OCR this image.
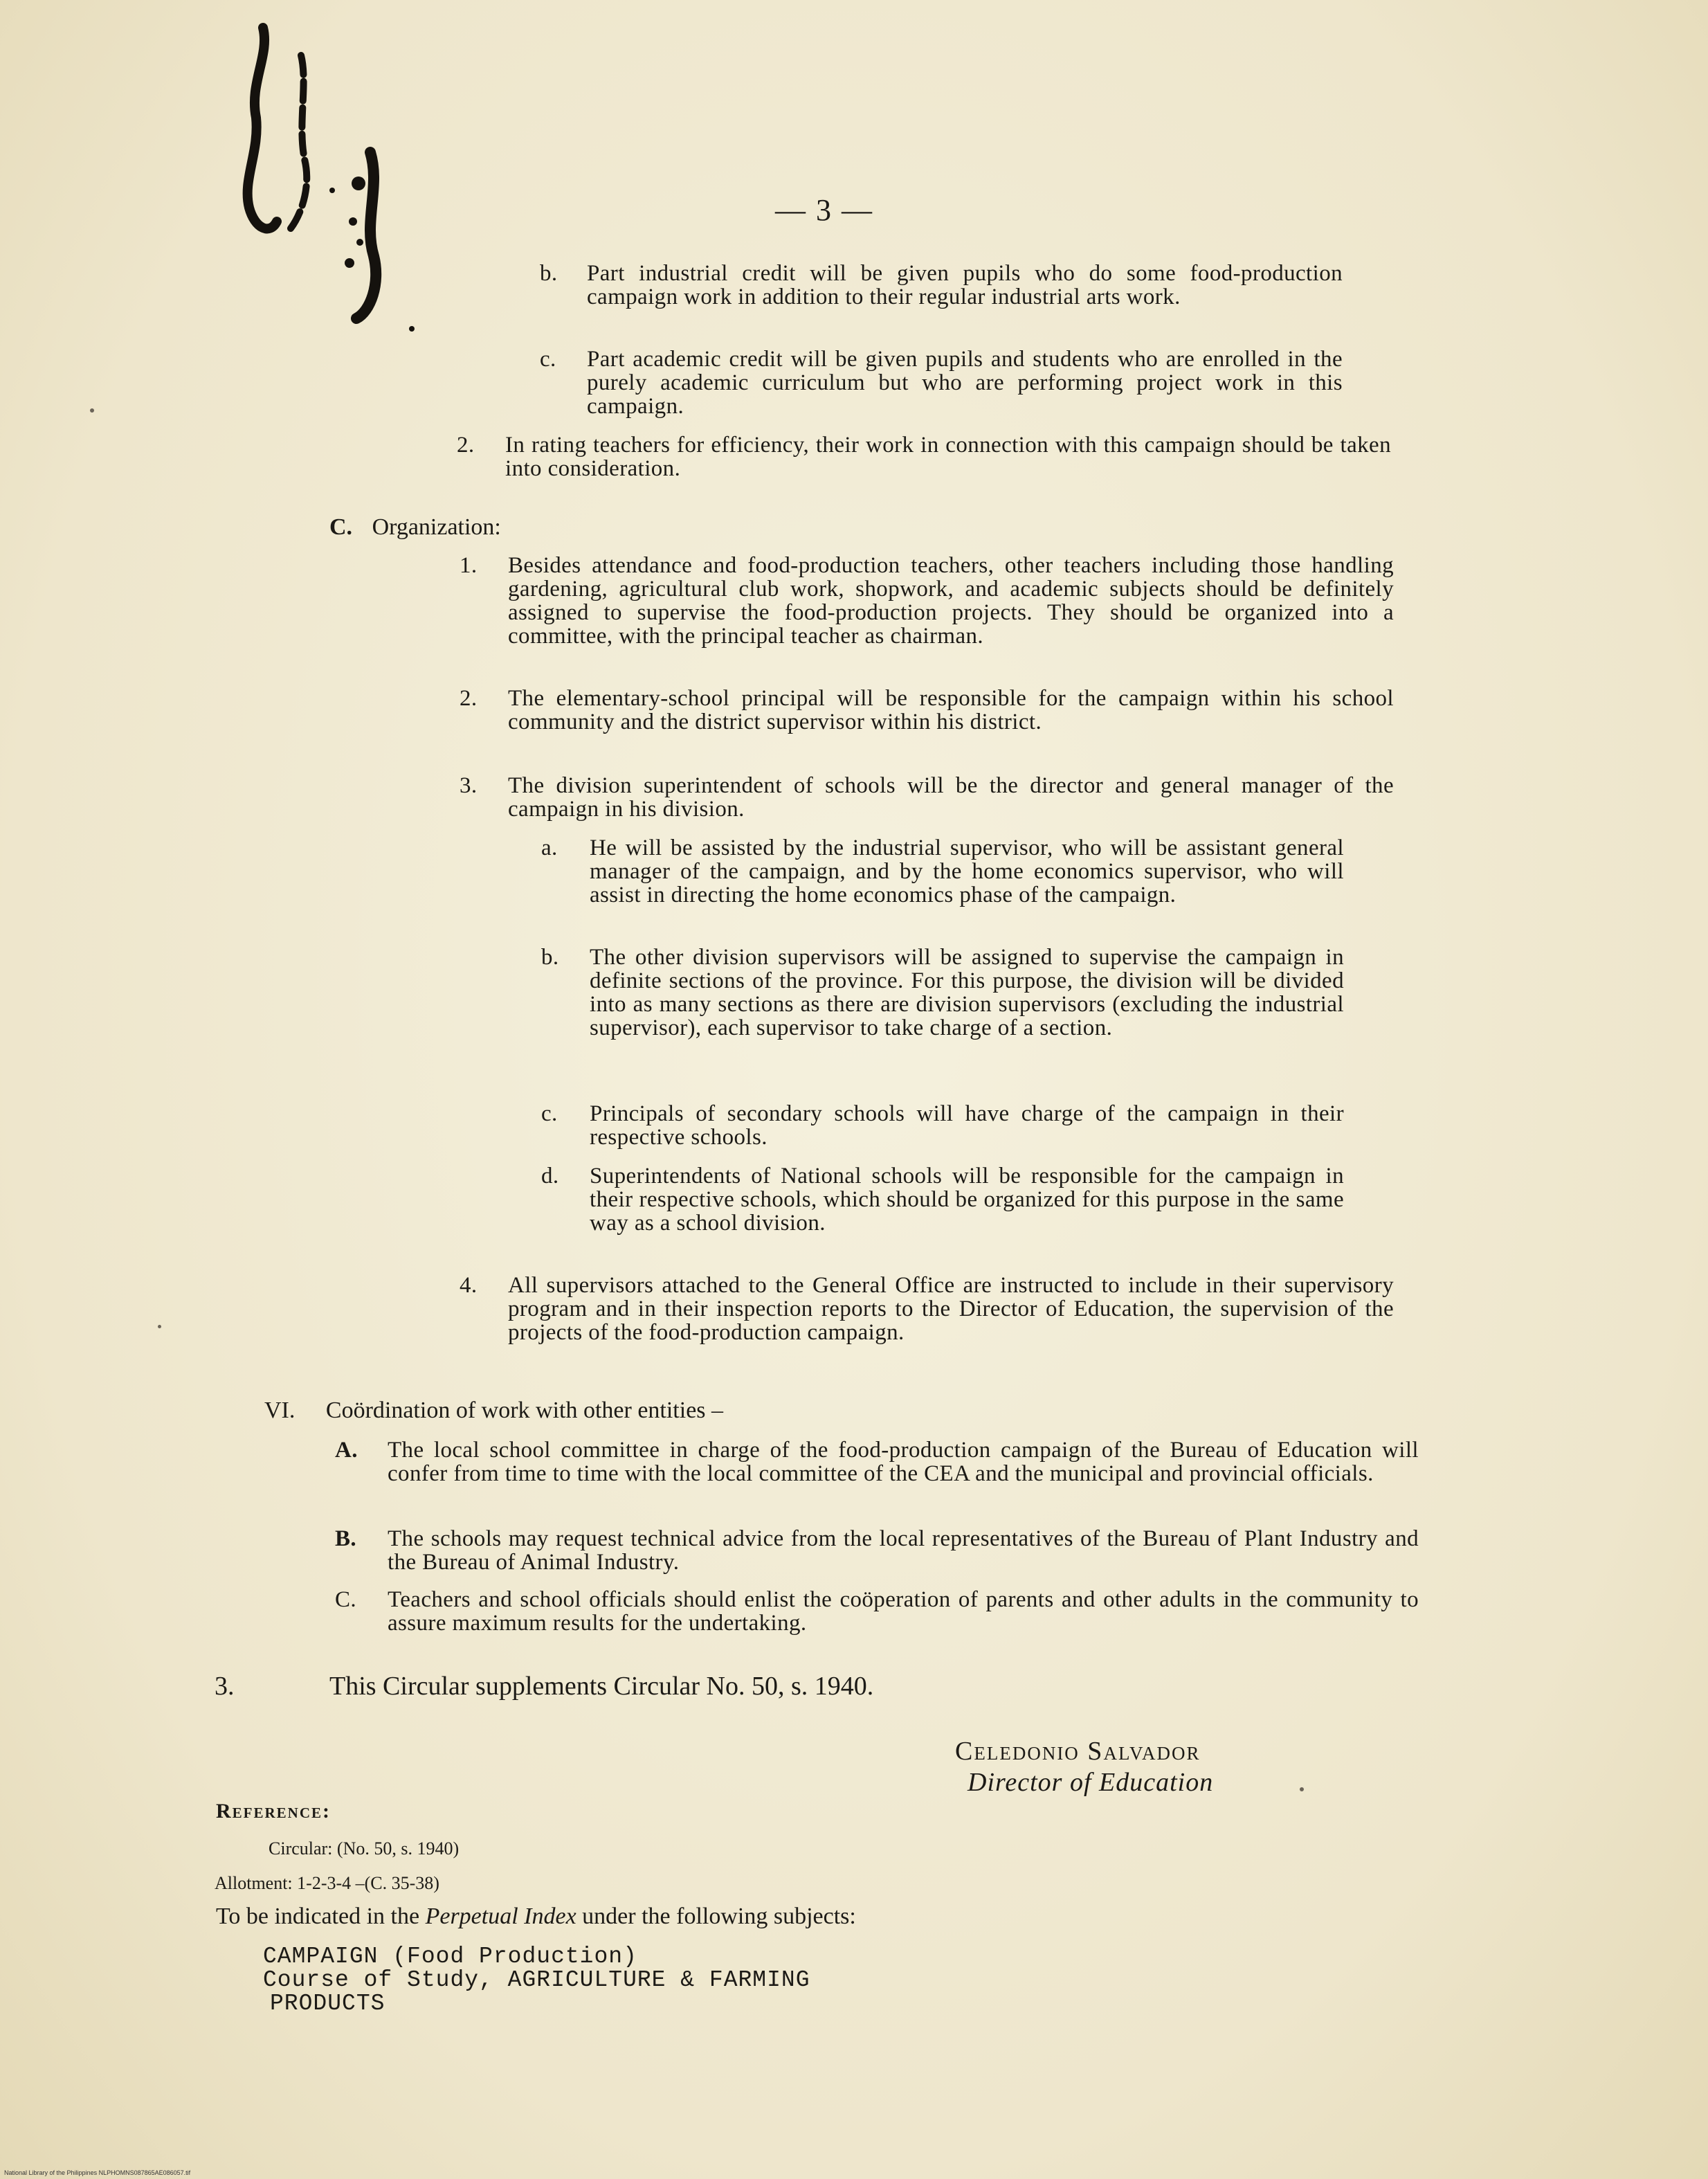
— 3 —
b. Part industrial credit will be given pupils who do some food-production campaign work in addition to their regular industrial arts work.
c. Part academic credit will be given pupils and students who are enrolled in the purely academic curriculum but who are performing project work in this campaign.
2. In rating teachers for efficiency, their work in connection with this campaign should be taken into consideration.
C. Organization:
1. Besides attendance and food-production teachers, other teachers including those handling gardening, agricultural club work, shopwork, and academic subjects should be definitely assigned to supervise the food-production projects. They should be organized into a committee, with the principal teacher as chairman.
2. The elementary-school principal will be responsible for the campaign within his school community and the district supervisor within his district.
3. The division superintendent of schools will be the director and general manager of the campaign in his division.
a. He will be assisted by the industrial supervisor, who will be assistant general manager of the campaign, and by the home economics supervisor, who will assist in directing the home economics phase of the campaign.
b. The other division supervisors will be assigned to supervise the campaign in definite sections of the province. For this purpose, the division will be divided into as many sections as there are division supervisors (excluding the industrial supervisor), each supervisor to take charge of a section.
c. Principals of secondary schools will have charge of the campaign in their respective schools.
d. Superintendents of National schools will be responsible for the campaign in their respective schools, which should be organized for this purpose in the same way as a school division.
4. All supervisors attached to the General Office are instructed to include in their supervisory program and in their inspection reports to the Director of Education, the supervision of the projects of the food-production campaign.
VI. Coördination of work with other entities –
A. The local school committee in charge of the food-production campaign of the Bureau of Education will confer from time to time with the local committee of the CEA and the municipal and provincial officials.
B. The schools may request technical advice from the local representatives of the Bureau of Plant Industry and the Bureau of Animal Industry.
C. Teachers and school officials should enlist the coöperation of parents and other adults in the community to assure maximum results for the undertaking.
3.	This Circular supplements Circular No. 50, s. 1940.
Celedonio Salvador
Director of Education
Reference:
Circular: (No. 50, s. 1940)
Allotment: 1-2-3-4 –(C. 35-38)
To be indicated in the Perpetual Index under the following subjects:
CAMPAIGN (Food Production)
Course of Study, AGRICULTURE & FARMING
PRODUCTS
National Library of the Philippines NLPHOMNS087865AE086057.tif
